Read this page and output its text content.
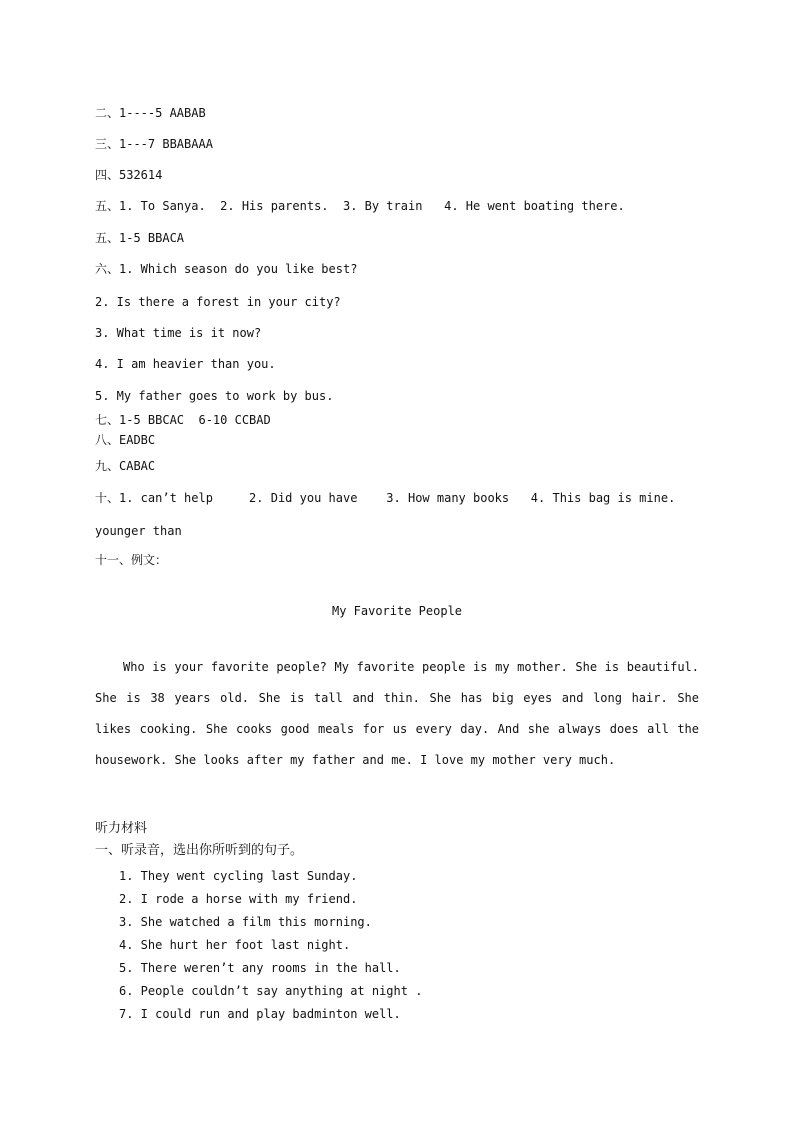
二、1----5 AABAB
三、1---7 BBABAAA
四、532614
五、1. To Sanya.  2. His parents.  3. By train   4. He went boating there.
五、1-5 BBACA
六、1. Which season do you like best?
2. Is there a forest in your city?
3. What time is it now?
4. I am heavier than you.
5. My father goes to work by bus.
七、1-5 BBCAC  6-10 CCBAD
八、EADBC
九、CABAC
十、1. can’t help     2. Did you have    3. How many books   4. This bag is mine.
younger than
十一、例文：
My Favorite People

Who is your favorite people? My favorite people is my mother. She is beautiful. She is 38 years old. She is tall and thin. She has big eyes and long hair. She likes cooking. She cooks good meals for us every day. And she always does all the housework. She looks after my father and me. I love my mother very much.

听力材料
一、听录音，选出你所听到的句子。
1. They went cycling last Sunday.
2. I rode a horse with my friend.
3. She watched a film this morning.
4. She hurt her foot last night.
5. There weren’t any rooms in the hall.
6. People couldn’t say anything at night .
7. I could run and play badminton well.
